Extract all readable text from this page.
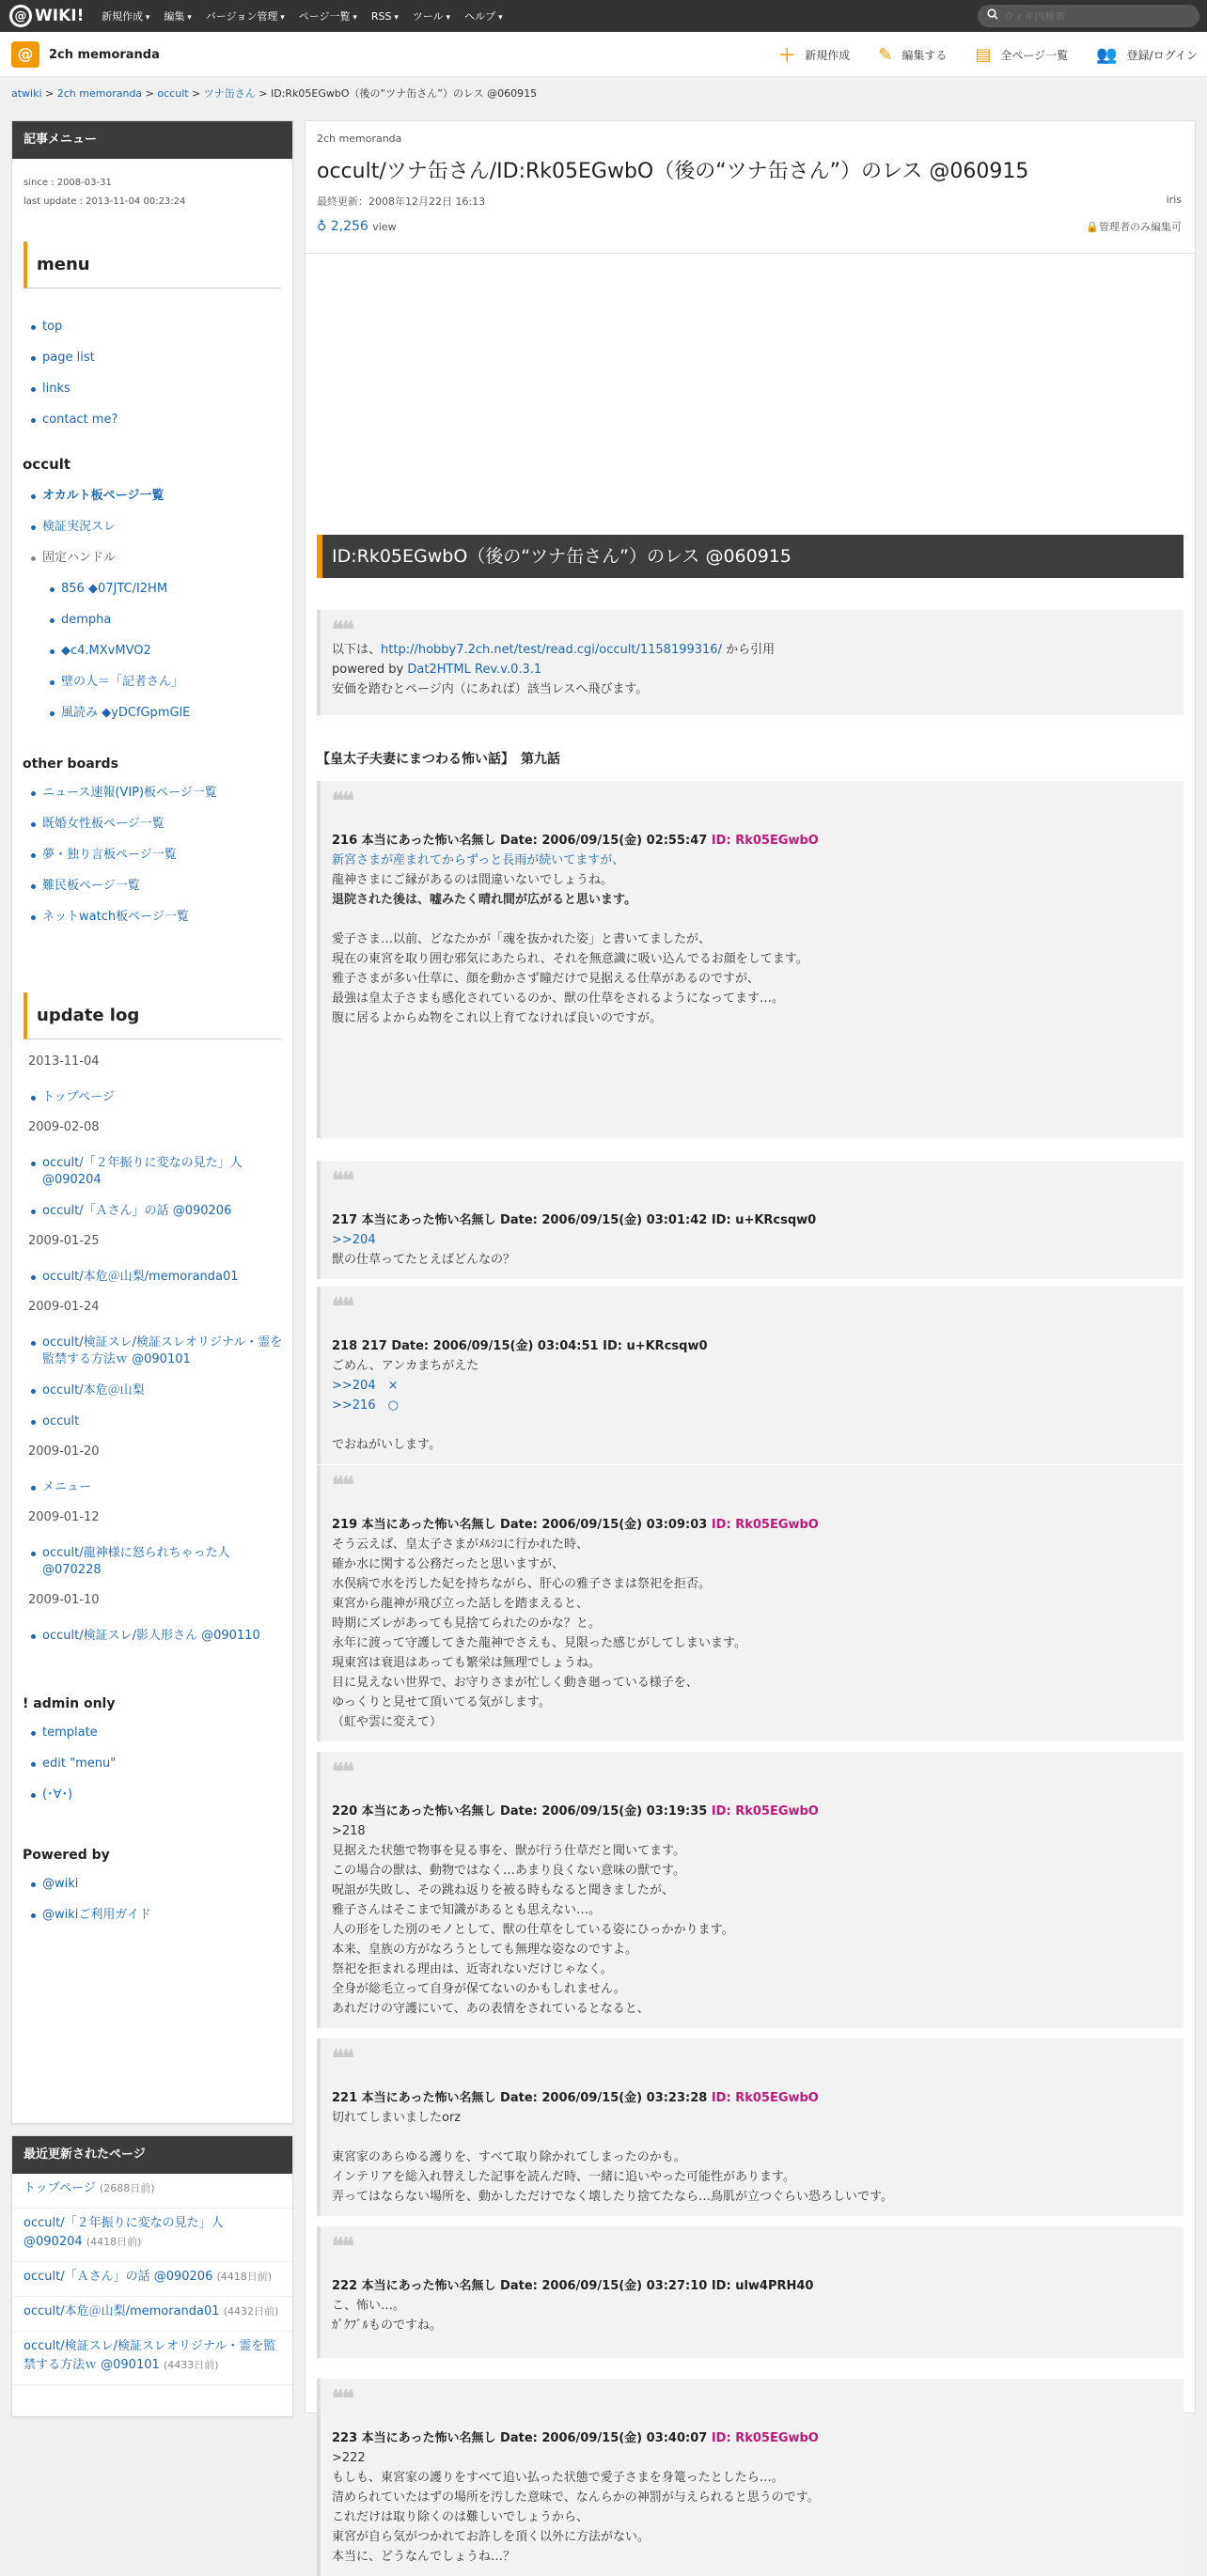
@ WIKI! 新規作成 ▾	編集 ▾	バージョン管理 ▾	ページ一覧 ▾	RSS ▾	ツール ▾	ヘルプ ▾
ウィキ内検索
@	2ch memoranda	＋ 新規作成 ✎ 編集する ▤ 全ページ一覧 👥 登録/ログイン
atwiki > 2ch memoranda > occult > ツナ缶さん > ID:Rk05EGwbO（後の“ツナ缶さん”）のレス @060915
記事メニュー
since : 2008-03-31
last update : 2013-11-04 00:23:24
menu
top
page list
links
contact me?
occult
オカルト板ページ一覧
検証実況スレ
固定ハンドル
856 ◆07JTC/I2HM
dempha
◆c4.MXvMVO2
壁の人＝「記者さん」
風読み ◆yDCfGpmGlE
other boards
ニュース速報(VIP)板ページ一覧
既婚女性板ページ一覧
夢・独り言板ページ一覧
難民板ページ一覧
ネットwatch板ページ一覧
update log
2013-11-04
トップページ
2009-02-08
occult/「２年振りに変なの見た」人 @090204
occult/「Ａさん」の話 @090206
2009-01-25
occult/本危＠山梨/memoranda01
2009-01-24
occult/検証スレ/検証スレオリジナル・霊を監禁する方法ｗ @090101
occult/本危＠山梨
occult
2009-01-20
メニュー
2009-01-12
occult/龍神様に怒られちゃった人 @070228
2009-01-10
occult/検証スレ/影人形さん @090110
! admin only
template
edit "menu"
(･∀･)
Powered by
@wiki
@wikiご利用ガイド
最近更新されたページ
トップページ (2688日前)
occult/「２年振りに変なの見た」人 @090204 (4418日前)
occult/「Ａさん」の話 @090206 (4418日前)
occult/本危＠山梨/memoranda01 (4432日前)
occult/検証スレ/検証スレオリジナル・霊を監禁する方法ｗ @090101 (4433日前)
2ch memoranda
occult/ツナ缶さん/ID:Rk05EGwbO（後の“ツナ缶さん”）のレス @060915
最終更新：2008年12月22日 16:13	iris
♁ 2,256 view	🔒管理者のみ編集可
ID:Rk05EGwbO（後の“ツナ缶さん”）のレス @060915
❝❝
以下は、http://hobby7.2ch.net/test/read.cgi/occult/1158199316/ から引用
powered by Dat2HTML Rev.v.0.3.1
安価を踏むとページ内（にあれば）該当レスへ飛びます。
【皇太子夫妻にまつわる怖い話】　第九話
❝❝
216 本当にあった怖い名無し Date: 2006/09/15(金) 02:55:47 ID: Rk05EGwbO
新宮さまが産まれてからずっと長雨が続いてますが、
龍神さまにご縁があるのは間違いないでしょうね。
退院された後は、嘘みたく晴れ間が広がると思います。
愛子さま…以前、どなたかが「魂を抜かれた姿」と書いてましたが、
現在の東宮を取り囲む邪気にあたられ、それを無意識に吸い込んでるお顔をしてます。
雅子さまが多い仕草に、顔を動かさず瞳だけで見据える仕草があるのですが、
最強は皇太子さまも感化されているのか、獣の仕草をされるようになってます…。
腹に居るよからぬ物をこれ以上育てなければ良いのですが。
❝❝
217 本当にあった怖い名無し Date: 2006/09/15(金) 03:01:42 ID: u+KRcsqw0
>>204
獣の仕草ってたとえばどんなの？
❝❝
218 217 Date: 2006/09/15(金) 03:04:51 ID: u+KRcsqw0
ごめん、アンカまちがえた
>>204　×
>>216　○
でおねがいします。
❝❝
219 本当にあった怖い名無し Date: 2006/09/15(金) 03:09:03 ID: Rk05EGwbO
そう云えば、皇太子さまがﾒﾙｼｺに行かれた時、
確か水に関する公務だったと思いますが、
水俣病で水を汚した妃を持ちながら、肝心の雅子さまは祭祀を拒否。
東宮から龍神が飛び立った話しを踏まえると、
時期にズレがあっても見捨てられたのかな？と。
永年に渡って守護してきた龍神でさえも、見限った感じがしてしまいます。
現東宮は衰退はあっても繁栄は無理でしょうね。
目に見えない世界で、お守りさまが忙しく動き廻っている様子を、
ゆっくりと見せて頂いてる気がします。
（虹や雲に変えて）
❝❝
220 本当にあった怖い名無し Date: 2006/09/15(金) 03:19:35 ID: Rk05EGwbO
>218
見据えた状態で物事を見る事を、獣が行う仕草だと聞いてます。
この場合の獣は、動物ではなく…あまり良くない意味の獣です。
呪詛が失敗し、その跳ね返りを被る時もなると聞きましたが、
雅子さんはそこまで知識があるとも思えない…。
人の形をした別のモノとして、獣の仕草をしている姿にひっかかります。
本来、皇族の方がなろうとしても無理な姿なのですよ。
祭祀を拒まれる理由は、近寄れないだけじゃなく。
全身が総毛立って自身が保てないのかもしれません。
あれだけの守護にいて、あの表情をされているとなると、
❝❝
221 本当にあった怖い名無し Date: 2006/09/15(金) 03:23:28 ID: Rk05EGwbO
切れてしまいましたorz
東宮家のあらゆる護りを、すべて取り除かれてしまったのかも。
インテリアを総入れ替えした記事を読んだ時、一緒に追いやった可能性があります。
弄ってはならない場所を、動かしただけでなく壊したり捨てたなら…鳥肌が立つぐらい恐ろしいです。
❝❝
222 本当にあった怖い名無し Date: 2006/09/15(金) 03:27:10 ID: ulw4PRH40
こ、怖い…。
ｶﾞｸﾌﾞﾙものですね。
❝❝
223 本当にあった怖い名無し Date: 2006/09/15(金) 03:40:07 ID: Rk05EGwbO
>222
もしも、東宮家の護りをすべて追い払った状態で愛子さまを身篭ったとしたら…。
清められていたはずの場所を汚した意味で、なんらかの神罰が与えられると思うのです。
これだけは取り除くのは難しいでしょうから、
東宮が自ら気がつかれてお許しを頂く以外に方法がない。
本当に、どうなんでしょうね…？
